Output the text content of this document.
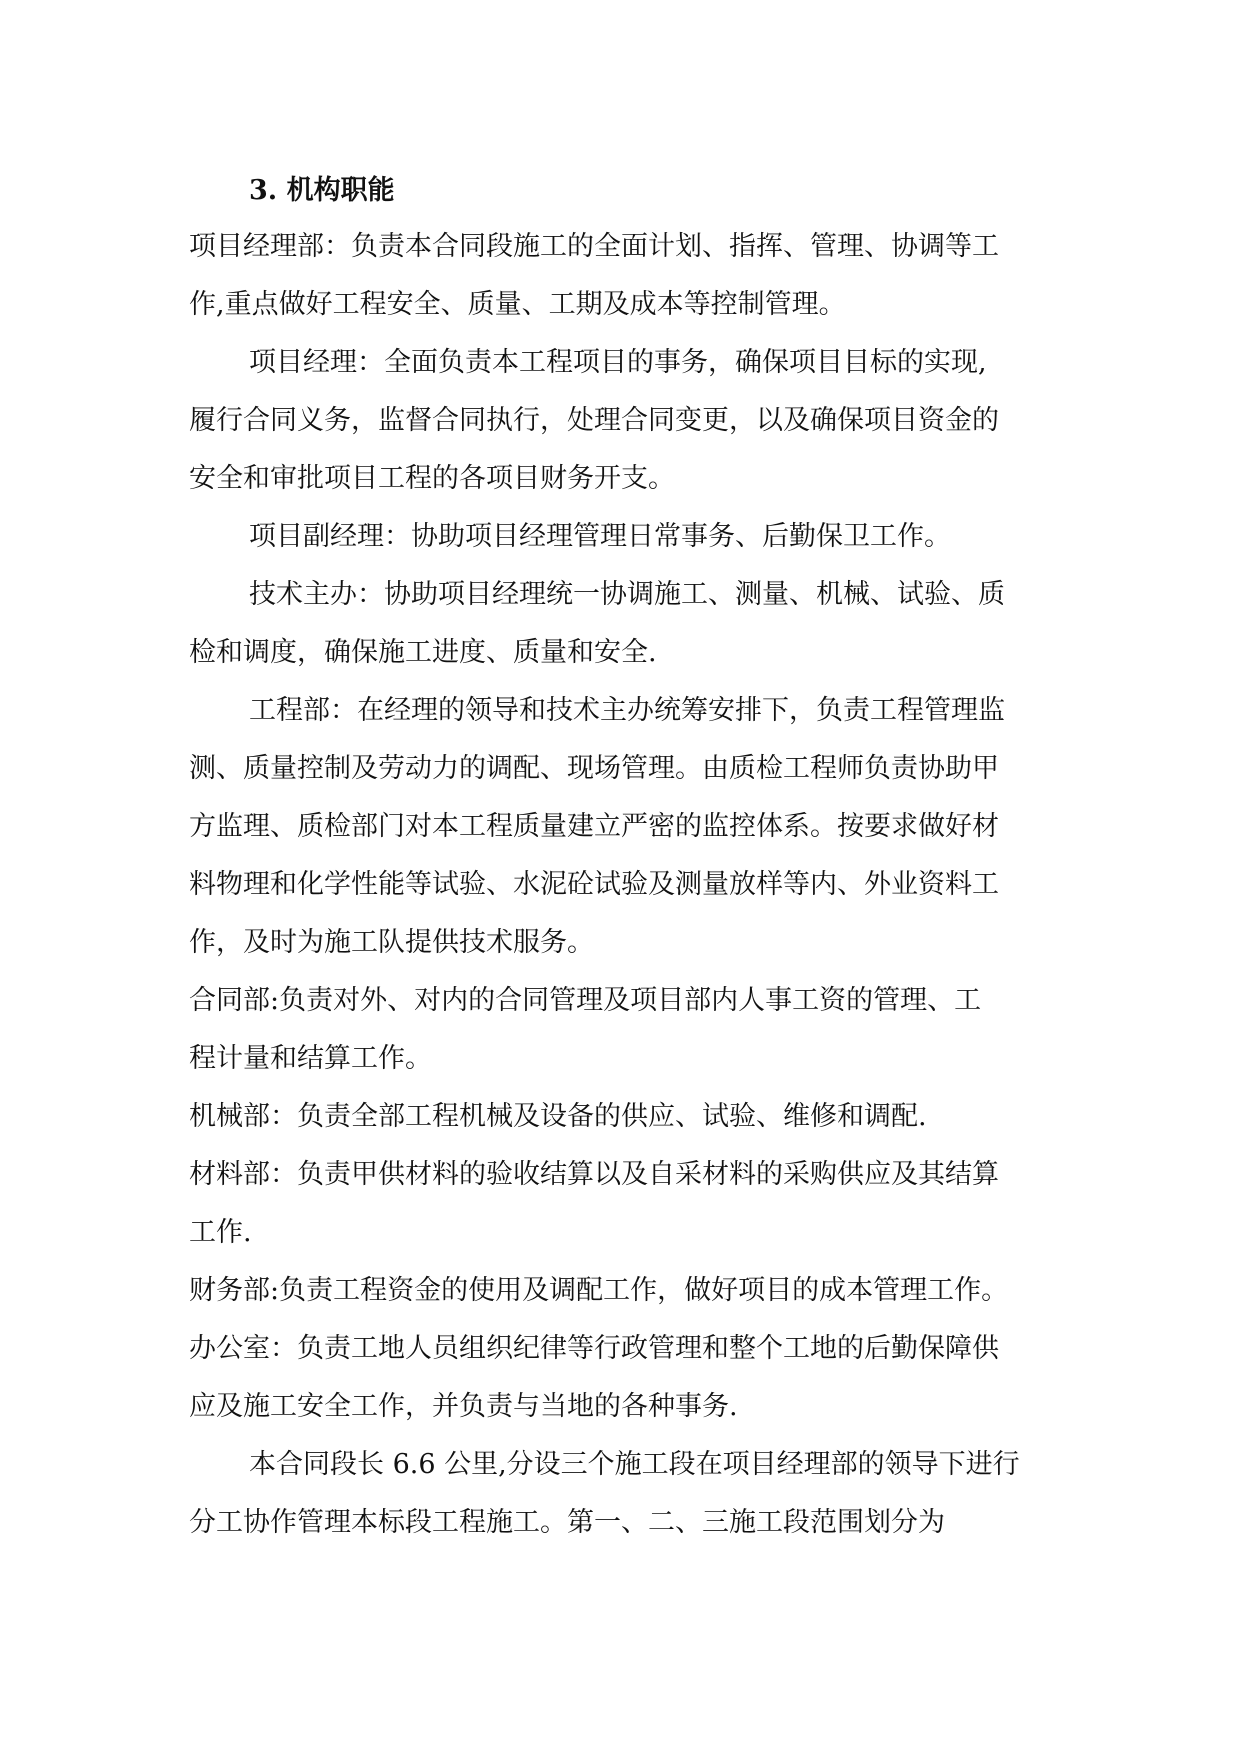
3. 机构职能
项目经理部：负责本合同段施工的全面计划、指挥、管理、协调等工
作,重点做好工程安全、质量、工期及成本等控制管理。
项目经理：全面负责本工程项目的事务，确保项目目标的实现,
履行合同义务，监督合同执行，处理合同变更，以及确保项目资金的
安全和审批项目工程的各项目财务开支。
项目副经理：协助项目经理管理日常事务、后勤保卫工作。
技术主办：协助项目经理统一协调施工、测量、机械、试验、质
检和调度，确保施工进度、质量和安全.
工程部：在经理的领导和技术主办统筹安排下，负责工程管理监
测、质量控制及劳动力的调配、现场管理。由质检工程师负责协助甲
方监理、质检部门对本工程质量建立严密的监控体系。按要求做好材
料物理和化学性能等试验、水泥砼试验及测量放样等内、外业资料工
作，及时为施工队提供技术服务。
合同部:负责对外、对内的合同管理及项目部内人事工资的管理、工
程计量和结算工作。
机械部：负责全部工程机械及设备的供应、试验、维修和调配.
材料部：负责甲供材料的验收结算以及自采材料的采购供应及其结算
工作.
财务部:负责工程资金的使用及调配工作，做好项目的成本管理工作。
办公室：负责工地人员组织纪律等行政管理和整个工地的后勤保障供
应及施工安全工作，并负责与当地的各种事务.
本合同段长 6.6 公里,分设三个施工段在项目经理部的领导下进行
分工协作管理本标段工程施工。第一、二、三施工段范围划分为
